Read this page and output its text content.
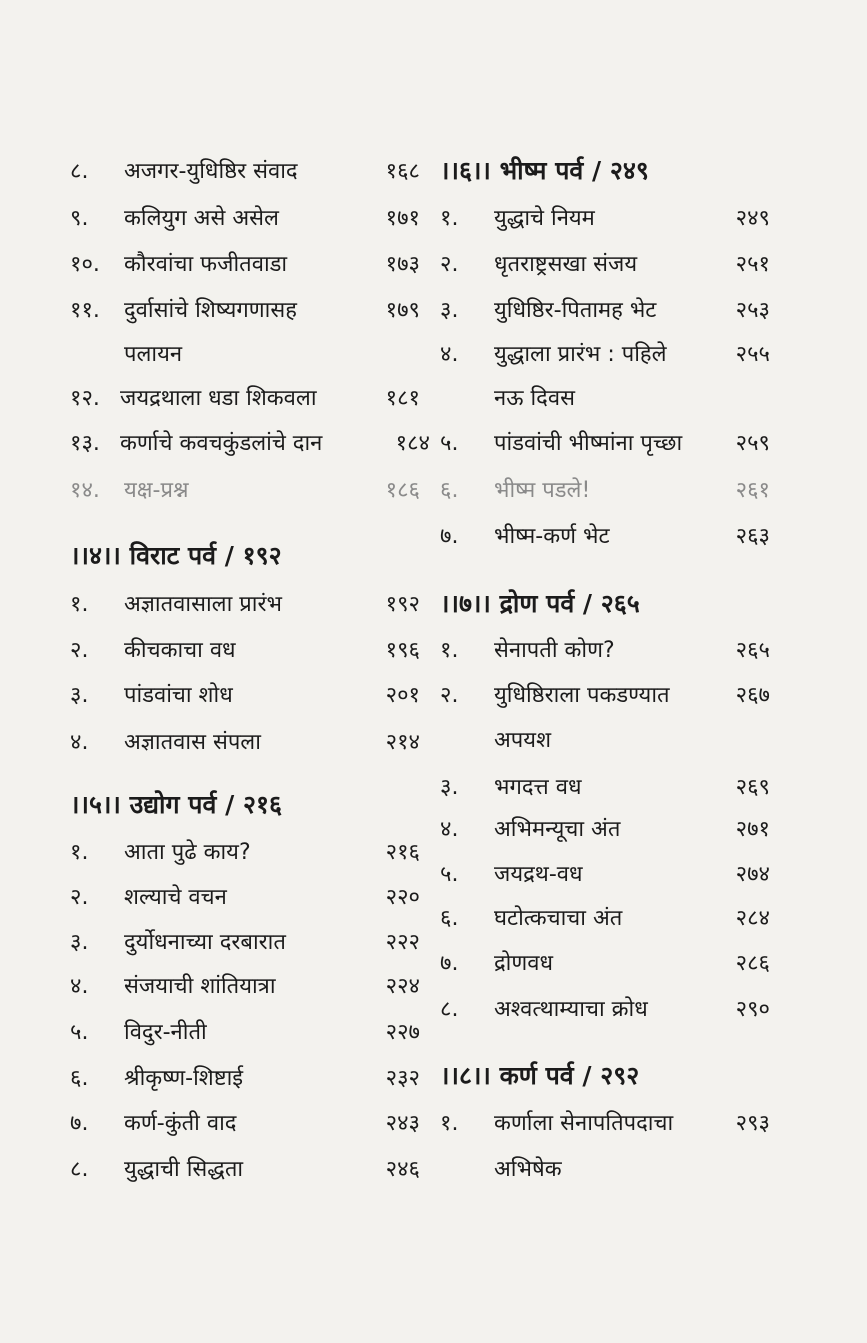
८. अजगर-युधिष्ठिर संवाद	१६८
९. कलियुग असे असेल	१७१
१०. कौरवांचा फजीतवाडा	१७३
११. दुर्वासांचे शिष्यगणासह	१७९
पलायन
१२. जयद्रथाला धडा शिकवला	१८१
१३. कर्णाचे कवचकुंडलांचे दान	१८४
१४. यक्ष-प्रश्न	१८६
।।४।। विराट पर्व / १९२
१. अज्ञातवासाला प्रारंभ	१९२
२. कीचकाचा वध	१९६
३. पांडवांचा शोध	२०१
४. अज्ञातवास संपला	२१४
।।५।। उद्योग पर्व / २१६
१. आता पुढे काय?	२१६
२. शल्याचे वचन	२२०
३. दुर्योधनाच्या दरबारात	२२२
४. संजयाची शांतियात्रा	२२४
५. विदुर-नीती	२२७
६. श्रीकृष्ण-शिष्टाई	२३२
७. कर्ण-कुंती वाद	२४३
८. युद्धाची सिद्धता	२४६
।।६।। भीष्म पर्व / २४९
१. युद्धाचे नियम	२४९
२. धृतराष्ट्रसखा संजय	२५१
३. युधिष्ठिर-पितामह भेट	२५३
४. युद्धाला प्रारंभ : पहिले	२५५
नऊ दिवस
५. पांडवांची भीष्मांना पृच्छा २५९
६. भीष्म पडले!	२६१
७. भीष्म-कर्ण भेट	२६३
।।७।। द्रोण पर्व / २६५
१. सेनापती कोण?	२६५
२. युधिष्ठिराला पकडण्यात	२६७
अपयश
३. भगदत्त वध	२६९
४. अभिमन्यूचा अंत	२७१
५. जयद्रथ-वध	२७४
६. घटोत्कचाचा अंत	२८४
७. द्रोणवध	२८६
८. अश्वत्थाम्याचा क्रोध	२९०
।।८।। कर्ण पर्व / २९२
१. कर्णाला सेनापतिपदाचा	२९३
अभिषेक
